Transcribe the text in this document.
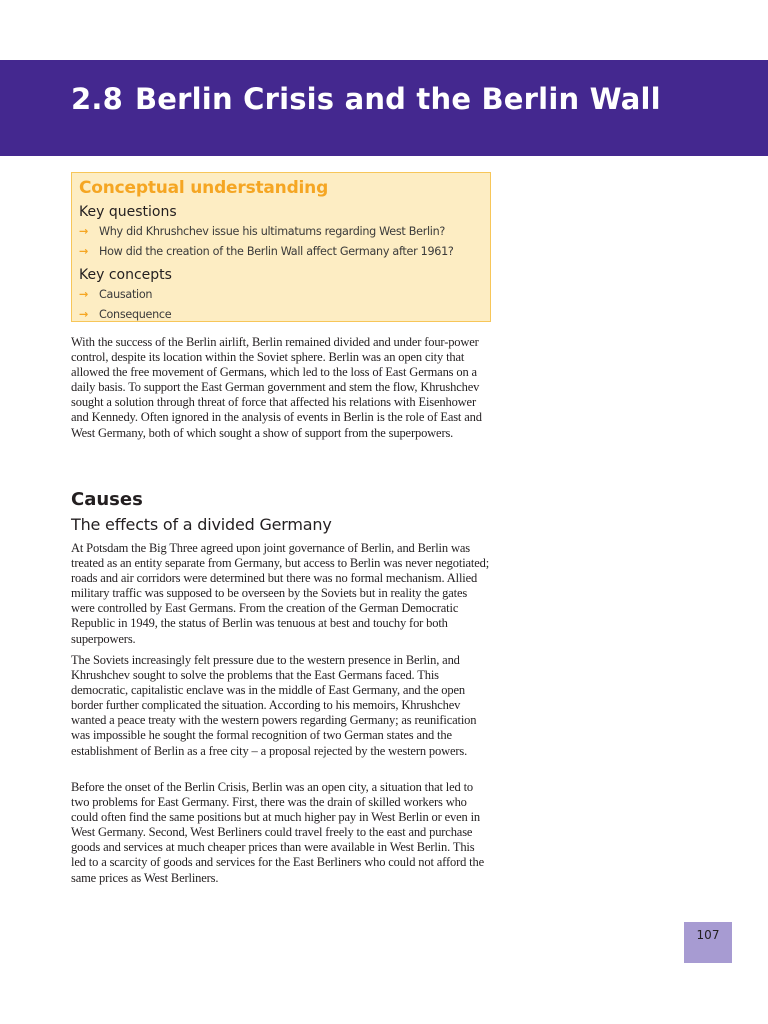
2.8 Berlin Crisis and the Berlin Wall
Conceptual understanding
Key questions
→ Why did Khrushchev issue his ultimatums regarding West Berlin?
→ How did the creation of the Berlin Wall affect Germany after 1961?
Key concepts
→ Causation
→ Consequence

With the success of the Berlin airlift, Berlin remained divided and under four-power control, despite its location within the Soviet sphere. Berlin was an open city that allowed the free movement of Germans, which led to the loss of East Germans on a daily basis. To support the East German government and stem the flow, Khrushchev sought a solution through threat of force that affected his relations with Eisenhower and Kennedy. Often ignored in the analysis of events in Berlin is the role of East and West Germany, both of which sought a show of support from the superpowers.

Causes
The effects of a divided Germany

At Potsdam the Big Three agreed upon joint governance of Berlin, and Berlin was treated as an entity separate from Germany, but access to Berlin was never negotiated; roads and air corridors were determined but there was no formal mechanism. Allied military traffic was supposed to be overseen by the Soviets but in reality the gates were controlled by East Germans. From the creation of the German Democratic Republic in 1949, the status of Berlin was tenuous at best and touchy for both superpowers.

The Soviets increasingly felt pressure due to the western presence in Berlin, and Khrushchev sought to solve the problems that the East Germans faced. This democratic, capitalistic enclave was in the middle of East Germany, and the open border further complicated the situation. According to his memoirs, Khrushchev wanted a peace treaty with the western powers regarding Germany; as reunification was impossible he sought the formal recognition of two German states and the establishment of Berlin as a free city – a proposal rejected by the western powers.

Before the onset of the Berlin Crisis, Berlin was an open city, a situation that led to two problems for East Germany. First, there was the drain of skilled workers who could often find the same positions but at much higher pay in West Berlin or even in West Germany. Second, West Berliners could travel freely to the east and purchase goods and services at much cheaper prices than were available in West Berlin. This led to a scarcity of goods and services for the East Berliners who could not afford the same prices as West Berliners.

107
